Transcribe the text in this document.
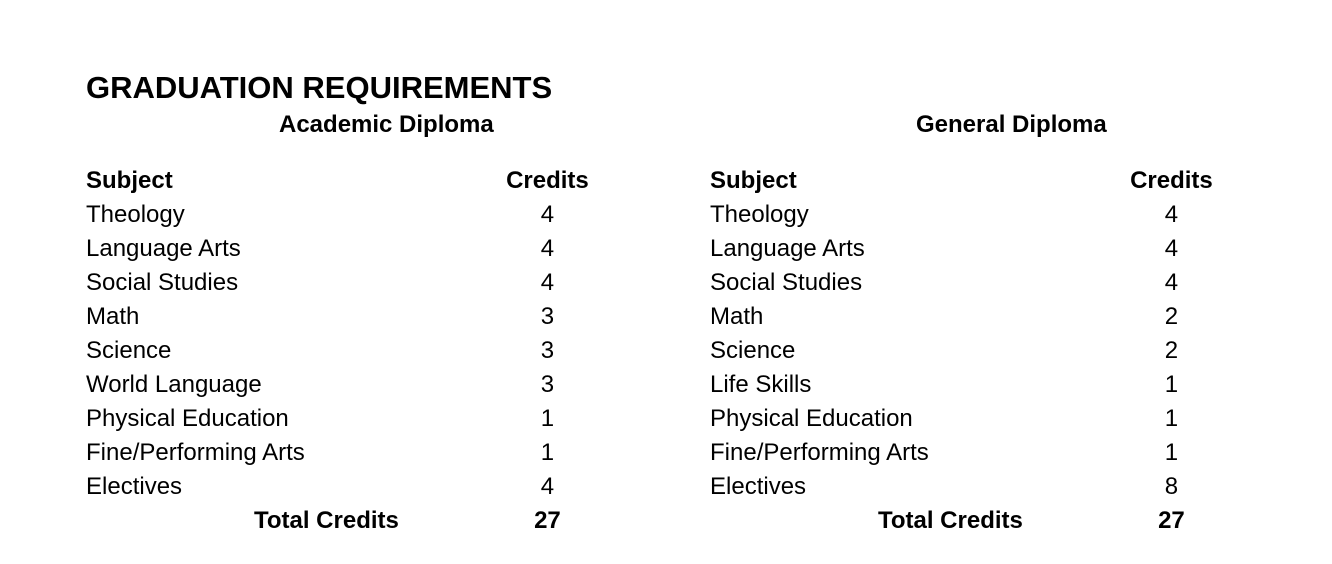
GRADUATION REQUIREMENTS
Academic Diploma
Subject	Credits
Theology	4
Language Arts	4
Social Studies	4
Math	3
Science	3
World Language	3
Physical Education	1
Fine/Performing Arts	1
Electives	4
Total Credits	27
General Diploma
Subject	Credits
Theology	4
Language Arts	4
Social Studies	4
Math	2
Science	2
Life Skills	1
Physical Education	1
Fine/Performing Arts	1
Electives	8
Total Credits	27
